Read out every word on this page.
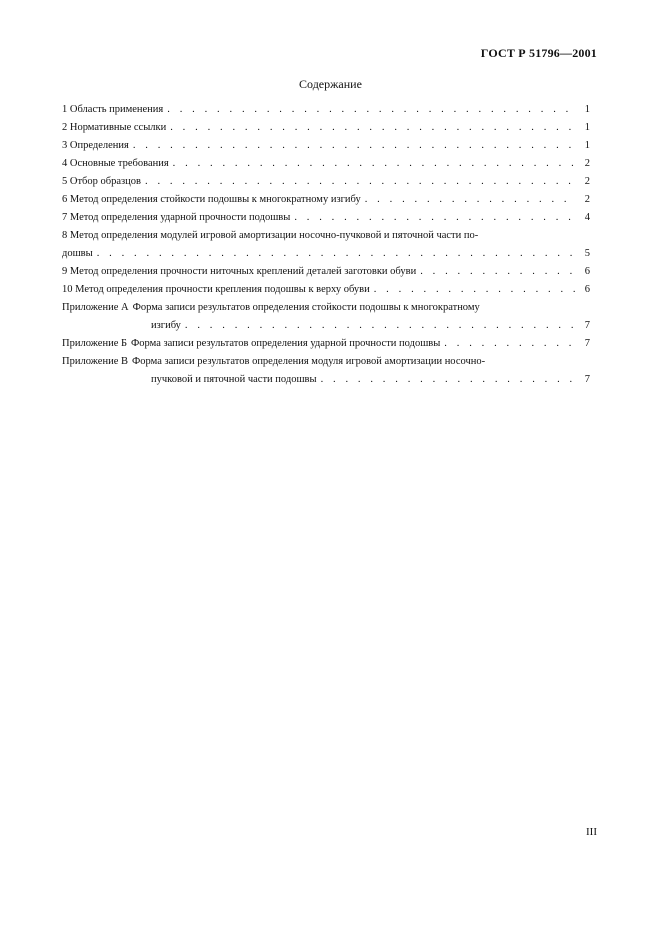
ГОСТ Р 51796—2001
Содержание
1 Область применения . . .	1
2 Нормативные ссылки . . .	1
3 Определения . . .	1
4 Основные требования . . .	2
5 Отбор образцов . . .	2
6 Метод определения стойкости подошвы к многократному изгибу . . .	2
7 Метод определения ударной прочности подошвы . . .	4
8 Метод определения модулей игровой амортизации носочно-пучковой и пяточной части по-
дошвы . . .	5
9 Метод определения прочности ниточных креплений деталей заготовки обуви . . .	6
10 Метод определения прочности крепления подошвы к верху обуви . . .	6
Приложение А Форма записи результатов определения стойкости подошвы к многократному
изгибу . . .	7
Приложение Б Форма записи результатов определения ударной прочности подошвы . . .	7
Приложение В Форма записи результатов определения модуля игровой амортизации носочно-
пучковой и пяточной части подошвы . . .	7
III
